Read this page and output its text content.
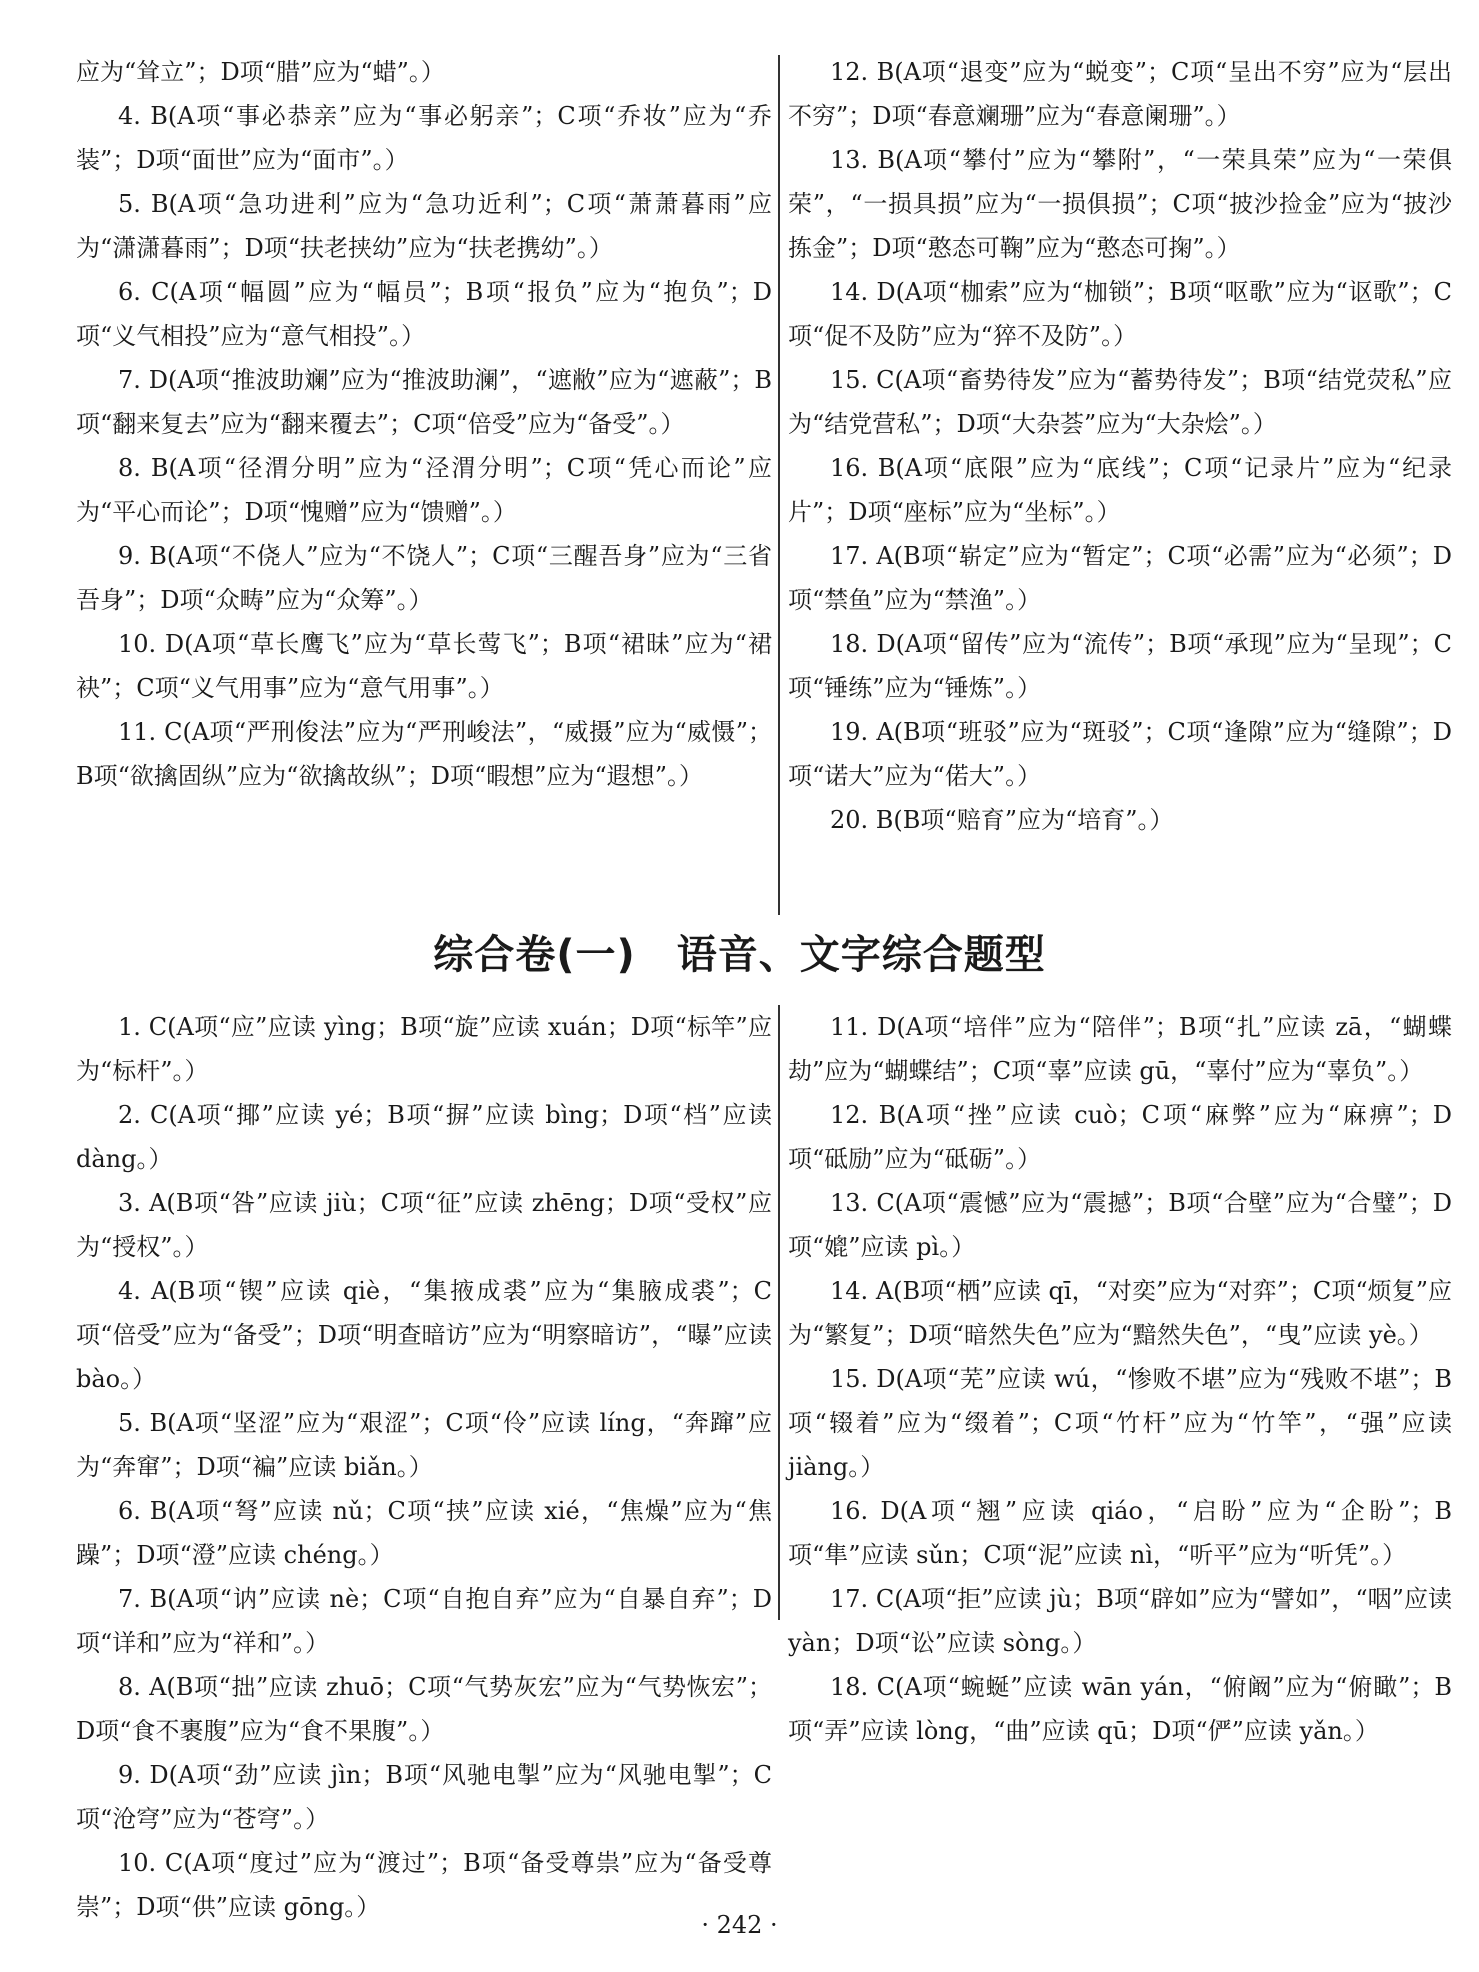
应为“耸立”；D项“腊”应为“蜡”。）

4. B(A项“事必恭亲”应为“事必躬亲”；C项“乔妆”应为“乔装”；D项“面世”应为“面市”。）

5. B(A项“急功进利”应为“急功近利”；C项“萧萧暮雨”应为“潇潇暮雨”；D项“扶老挟幼”应为“扶老携幼”。）

6. C(A项“幅圆”应为“幅员”；B项“报负”应为“抱负”；D项“义气相投”应为“意气相投”。）

7. D(A项“推波助斓”应为“推波助澜”，“遮敝”应为“遮蔽”；B项“翻来复去”应为“翻来覆去”；C项“倍受”应为“备受”。）

8. B(A项“径渭分明”应为“泾渭分明”；C项“凭心而论”应为“平心而论”；D项“愧赠”应为“馈赠”。）

9. B(A项“不侥人”应为“不饶人”；C项“三醒吾身”应为“三省吾身”；D项“众畴”应为“众筹”。）

10. D(A项“草长鹰飞”应为“草长莺飞”；B项“裙昧”应为“裙袂”；C项“义气用事”应为“意气用事”。）

11. C(A项“严刑俊法”应为“严刑峻法”，“威摄”应为“威慑”；B项“欲擒固纵”应为“欲擒故纵”；D项“暇想”应为“遐想”。）

12. B(A项“退变”应为“蜕变”；C项“呈出不穷”应为“层出不穷”；D项“春意斓珊”应为“春意阑珊”。）

13. B(A项“攀付”应为“攀附”，“一荣具荣”应为“一荣俱荣”，“一损具损”应为“一损俱损”；C项“披沙捡金”应为“披沙拣金”；D项“憨态可鞠”应为“憨态可掬”。）

14. D(A项“枷索”应为“枷锁”；B项“呕歌”应为“讴歌”；C项“促不及防”应为“猝不及防”。）

15. C(A项“畜势待发”应为“蓄势待发”；B项“结党荧私”应为“结党营私”；D项“大杂荟”应为“大杂烩”。）

16. B(A项“底限”应为“底线”；C项“记录片”应为“纪录片”；D项“座标”应为“坐标”。）

17. A(B项“崭定”应为“暂定”；C项“必需”应为“必须”；D项“禁鱼”应为“禁渔”。）

18. D(A项“留传”应为“流传”；B项“承现”应为“呈现”；C项“锤练”应为“锤炼”。）

19. A(B项“班驳”应为“斑驳”；C项“逢隙”应为“缝隙”；D项“诺大”应为“偌大”。）

20. B(B项“赔育”应为“培育”。）

综合卷(一)　语音、文字综合题型

1. C(A项“应”应读 yìng；B项“旋”应读 xuán；D项“标竿”应为“标杆”。）

2. C(A项“揶”应读 yé；B项“摒”应读 bìng；D项“档”应读 dàng。）

3. A(B项“咎”应读 jiù；C项“征”应读 zhēng；D项“受权”应为“授权”。）

4. A(B项“锲”应读 qiè，“集掖成裘”应为“集腋成裘”；C项“倍受”应为“备受”；D项“明查暗访”应为“明察暗访”，“曝”应读 bào。）

5. B(A项“坚涩”应为“艰涩”；C项“伶”应读 líng，“奔蹿”应为“奔窜”；D项“褊”应读 biǎn。）

6. B(A项“弩”应读 nǔ；C项“挟”应读 xié，“焦燥”应为“焦躁”；D项“澄”应读 chéng。）

7. B(A项“讷”应读 nè；C项“自抱自弃”应为“自暴自弃”；D项“详和”应为“祥和”。）

8. A(B项“拙”应读 zhuō；C项“气势灰宏”应为“气势恢宏”；D项“食不裹腹”应为“食不果腹”。）

9. D(A项“劲”应读 jìn；B项“风驰电掣”应为“风驰电掣”；C项“沧穹”应为“苍穹”。）

10. C(A项“度过”应为“渡过”；B项“备受尊祟”应为“备受尊崇”；D项“供”应读 gōng。）

11. D(A项“培伴”应为“陪伴”；B项“扎”应读 zā，“蝴蝶劫”应为“蝴蝶结”；C项“辜”应读 gū，“辜付”应为“辜负”。）

12. B(A项“挫”应读 cuò；C项“麻弊”应为“麻痹”；D项“砥励”应为“砥砺”。）

13. C(A项“震憾”应为“震撼”；B项“合壁”应为“合璧”；D项“媲”应读 pì。）

14. A(B项“栖”应读 qī，“对奕”应为“对弈”；C项“烦复”应为“繁复”；D项“暗然失色”应为“黯然失色”，“曳”应读 yè。）

15. D(A项“芜”应读 wú，“惨败不堪”应为“残败不堪”；B项“辍着”应为“缀着”；C项“竹杆”应为“竹竿”，“强”应读 jiàng。）

16. D(A项“翘”应读 qiáo，“启盼”应为“企盼”；B项“隼”应读 sǔn；C项“泥”应读 nì，“听平”应为“听凭”。）

17. C(A项“拒”应读 jù；B项“辟如”应为“譬如”，“咽”应读 yàn；D项“讼”应读 sòng。）

18. C(A项“蜿蜒”应读 wān yán，“俯阚”应为“俯瞰”；B项“弄”应读 lòng，“曲”应读 qū；D项“俨”应读 yǎn。）

· 242 ·
